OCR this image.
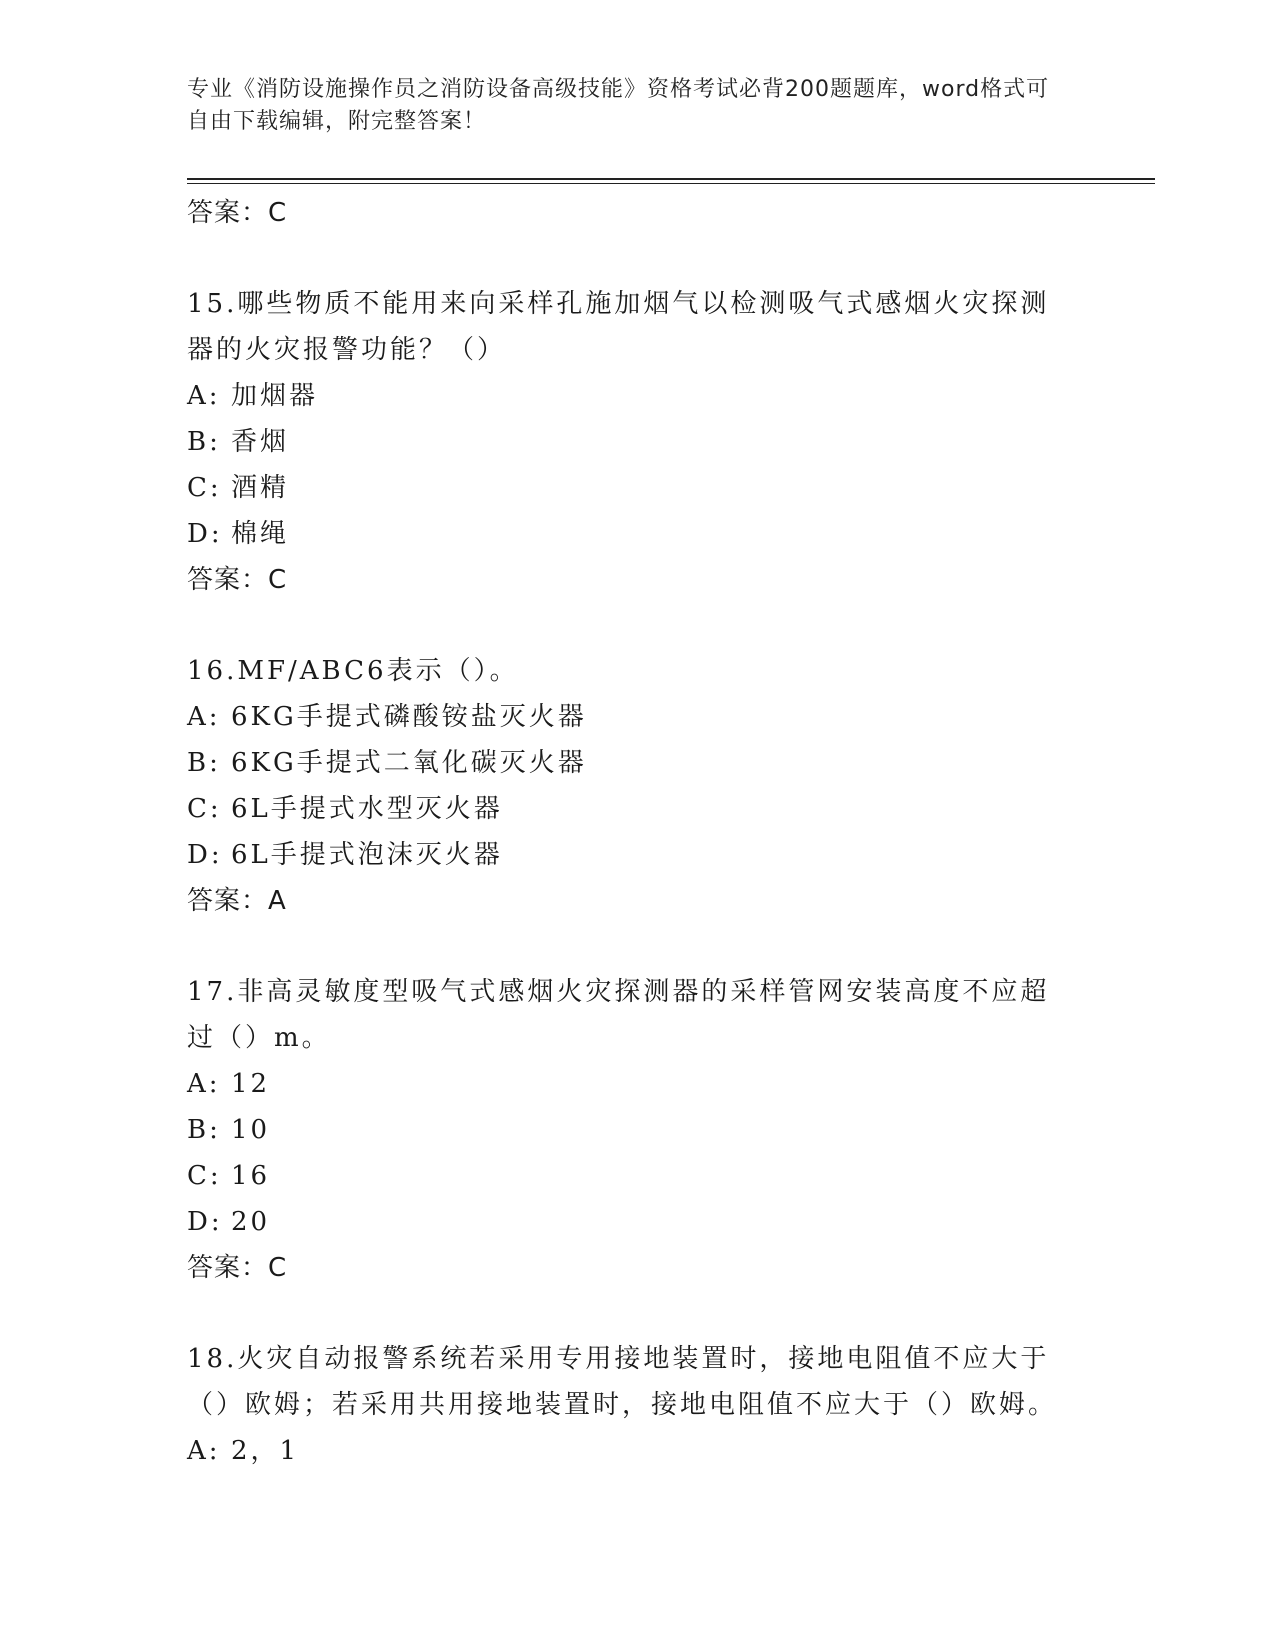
专业《消防设施操作员之消防设备高级技能》资格考试必背200题题库，word格式可自由下载编辑，附完整答案！
答案：C
15.哪些物质不能用来向采样孔施加烟气以检测吸气式感烟火灾探测器的火灾报警功能？（）
A: 加烟器
B: 香烟
C: 酒精
D: 棉绳
答案：C
16.MF/ABC6表示（）。
A: 6KG手提式磷酸铵盐灭火器
B: 6KG手提式二氧化碳灭火器
C: 6L手提式水型灭火器
D: 6L手提式泡沫灭火器
答案：A
17.非高灵敏度型吸气式感烟火灾探测器的采样管网安装高度不应超过（）m。
A: 12
B: 10
C: 16
D: 20
答案：C
18.火灾自动报警系统若采用专用接地装置时，接地电阻值不应大于（）欧姆；若采用共用接地装置时，接地电阻值不应大于（）欧姆。
A: 2，1
